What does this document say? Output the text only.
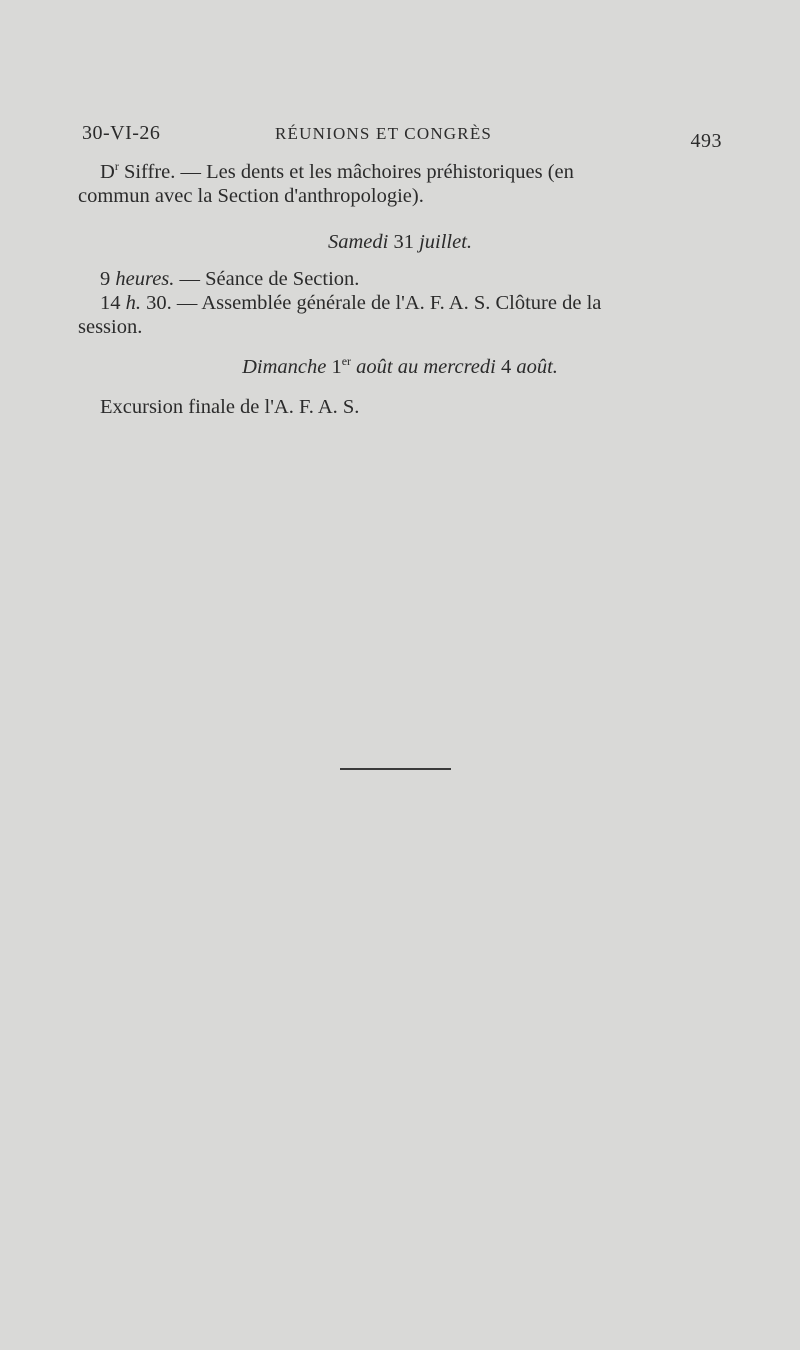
30-VI-26	RÉUNIONS ET CONGRÈS	493
$D^r$ Siffre. — Les dents et les mâchoires préhistoriques (en
commun avec la Section d'anthropologie).
Samedi 31 juillet.
9 heures. — Séance de Section.
14 h. 30. — Assemblée générale de l'A. F. A. S. Clôture de la
session.
Dimanche 1er août au mercredi 4 août.
Excursion finale de l'A. F. A. S.
